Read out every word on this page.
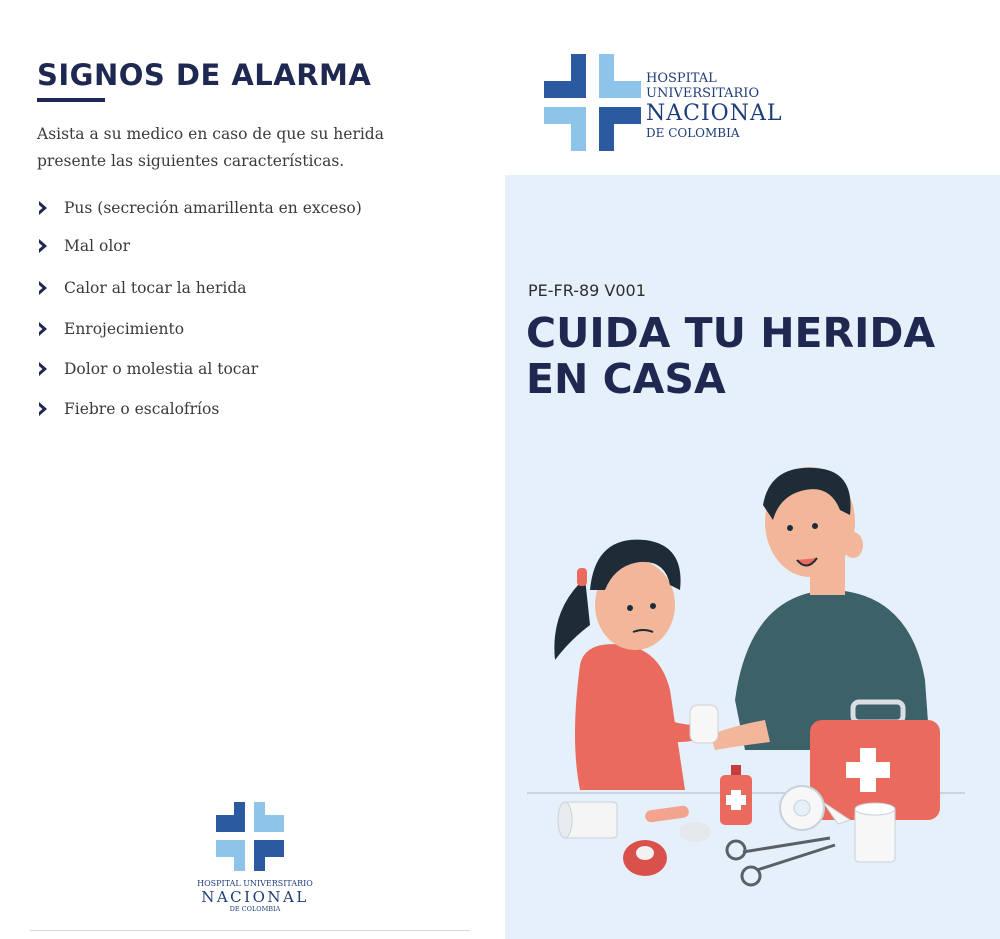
SIGNOS DE ALARMA

Asista a su medico en caso de que su herida presente las siguientes características.

Pus (secreción amarillenta en exceso)
Mal olor
Calor al tocar la herida
Enrojecimiento
Dolor o molestia al tocar
Fiebre o escalofríos
HOSPITAL UNIVERSITARIO
NACIONAL
DE COLOMBIA
HOSPITAL
UNIVERSITARIO
NACIONAL
DE COLOMBIA
PE-FR-89 V001
CUIDA TU HERIDA
EN CASA
